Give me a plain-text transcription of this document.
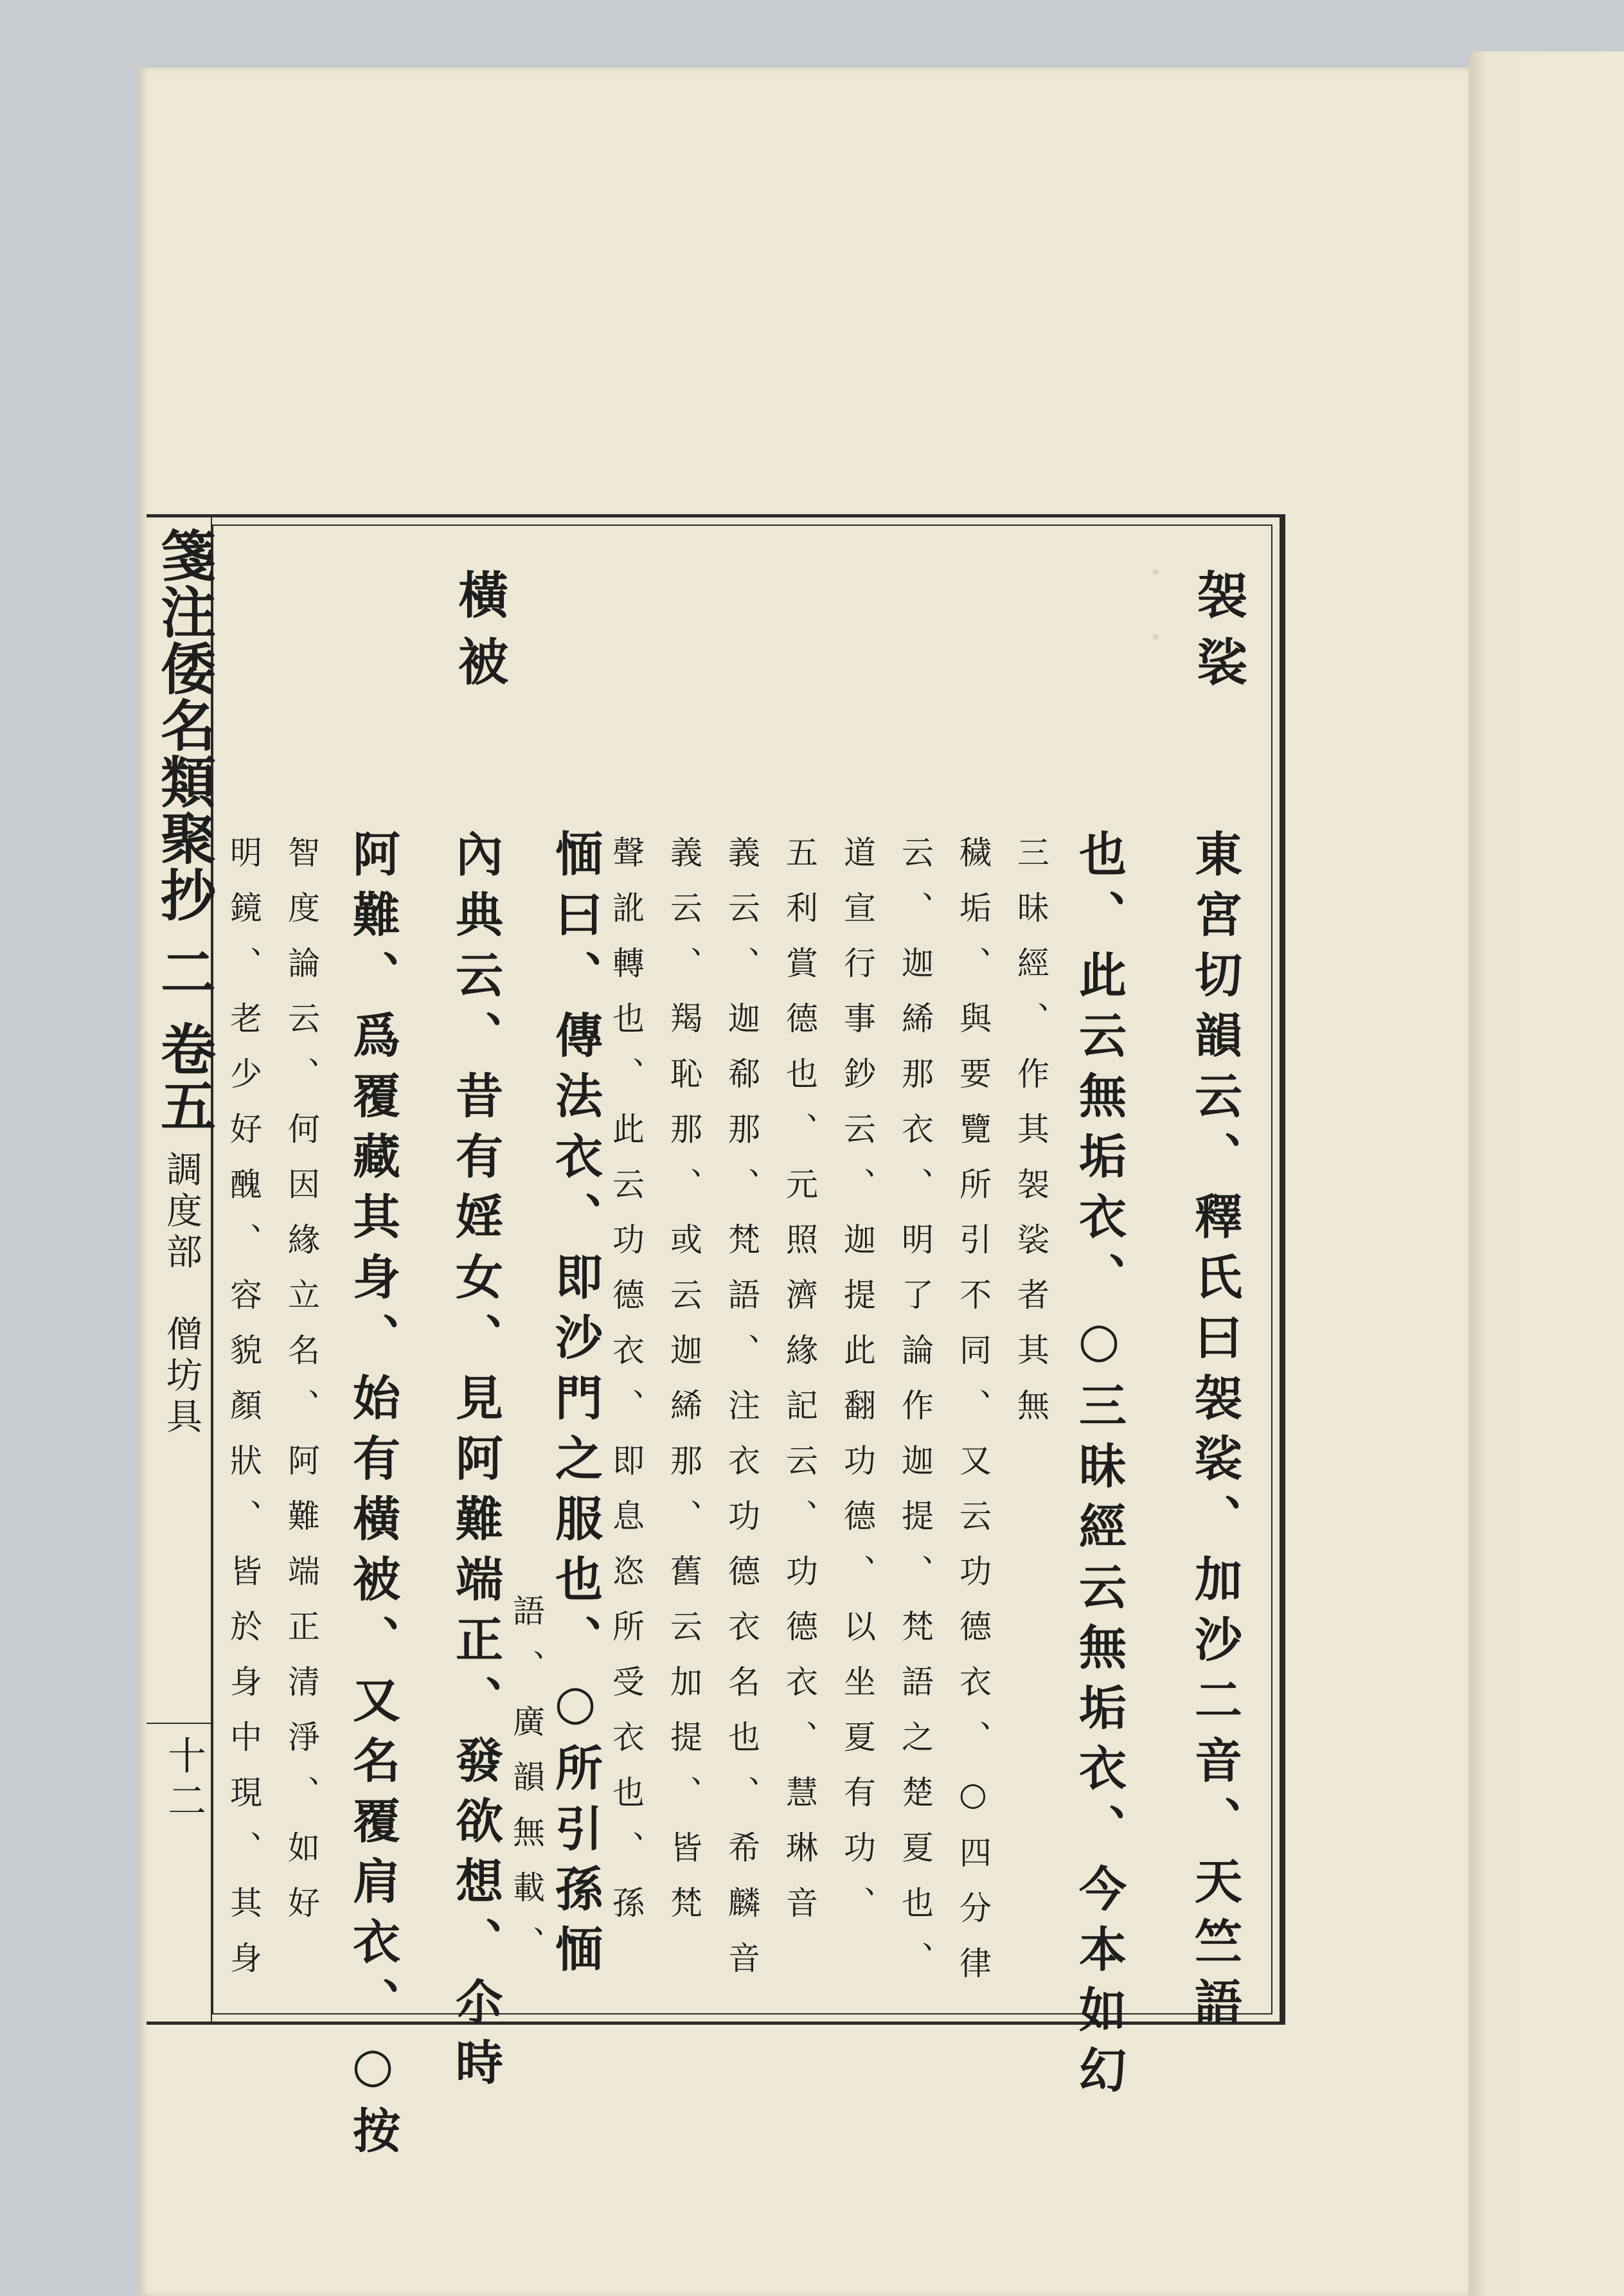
箋注倭名類聚抄 二 卷五
調度部　僧坊具
十二
· · 袈裟
東宮切韻云、釋氏曰袈裟、加沙二音、天竺語
也、此云無垢衣、○三昧經云無垢衣、今本如幻
三昧經、作其袈裟者其無
穢垢、與要覽所引不同、又云功德衣、○四分律
云、迦絺那衣、明了論作迦提、梵語之楚夏也、
道宣行事鈔云、迦提此翻功德、以坐夏有功、
五利賞德也、元照濟緣記云、功德衣、慧琳音
義云、迦郗那、梵語、注衣功德衣名也、希麟音
義云、羯恥那、或云迦絺那、舊云加提、皆梵
聲訛轉也、此云功德衣、即息恣所受衣也、孫
愐曰、傳法衣、即沙門之服也、○所引孫愐
語、廣韻無載、
橫被
內典云、昔有婬女、見阿難端正、發欲想、尒時
阿難、爲覆藏其身、始有橫被、又名覆肩衣、○按
智度論云、何因緣立名、阿難端正清淨、如好
明鏡、老少好醜、容貌顏狀、皆於身中現、其身
